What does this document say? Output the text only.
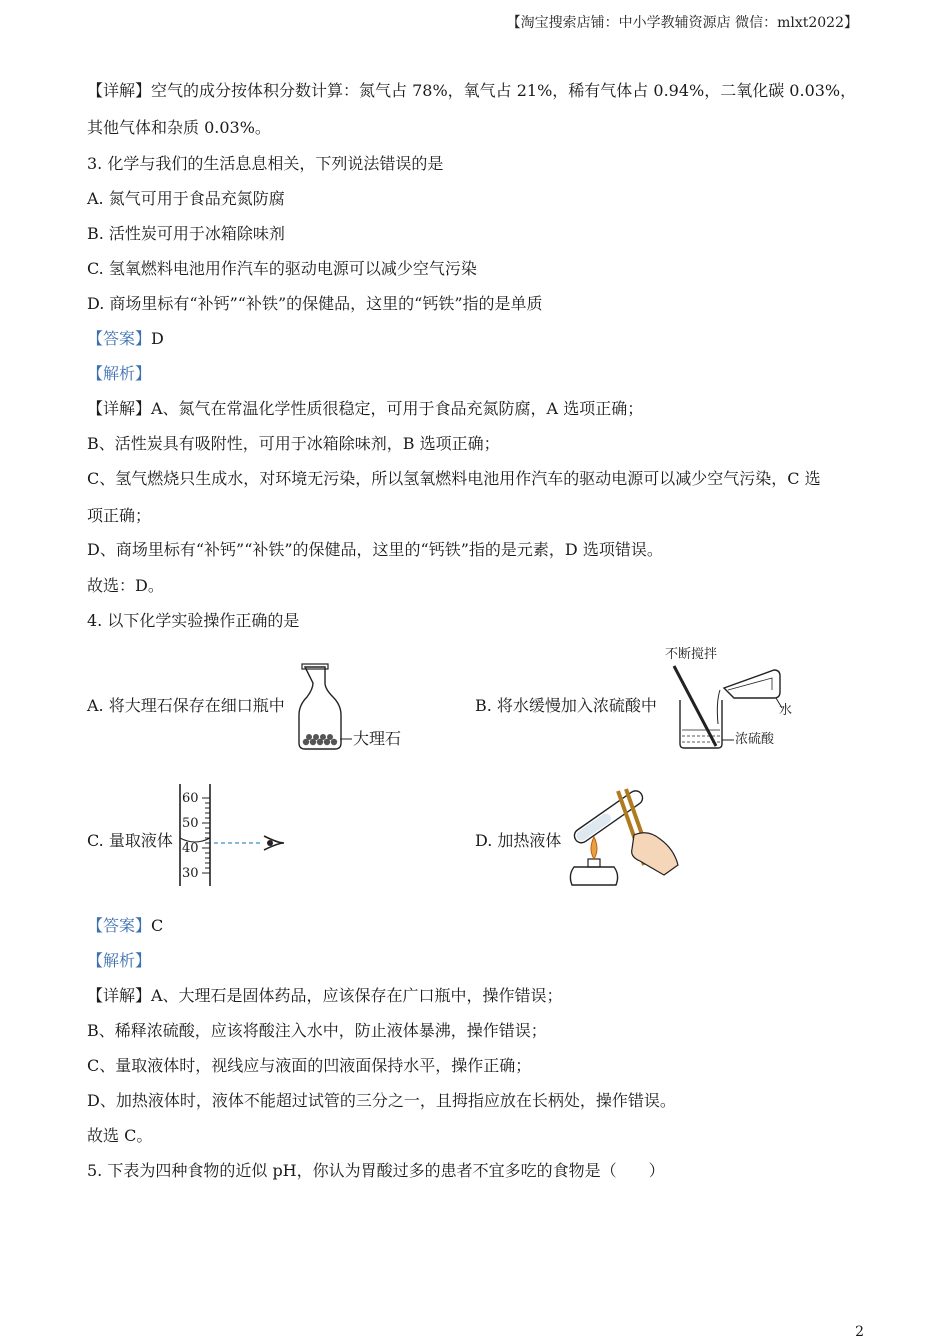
【淘宝搜索店铺：中小学教辅资源店 微信：mlxt2022】
【详解】空气的成分按体积分数计算：氮气占 78%，氧气占 21%，稀有气体占 0.94%，二氧化碳 0.03%，
其他气体和杂质 0.03%。
3. 化学与我们的生活息息相关，下列说法错误的是
A. 氮气可用于食品充氮防腐
B. 活性炭可用于冰箱除味剂
C. 氢氧燃料电池用作汽车的驱动电源可以减少空气污染
D. 商场里标有“补钙”“补铁”的保健品，这里的“钙铁”指的是单质
【答案】D
【解析】
【详解】A、氮气在常温化学性质很稳定，可用于食品充氮防腐，A 选项正确；
B、活性炭具有吸附性，可用于冰箱除味剂，B 选项正确；
C、氢气燃烧只生成水，对环境无污染，所以氢氧燃料电池用作汽车的驱动电源可以减少空气污染，C 选
项正确；
D、商场里标有“补钙”“补铁”的保健品，这里的“钙铁”指的是元素，D 选项错误。
故选：D。
4. 以下化学实验操作正确的是
A. 将大理石保存在细口瓶中
大理石
B. 将水缓慢加入浓硫酸中
不断搅拌
水
浓硫酸
C. 量取液体
60
50
40
30
D. 加热液体
【答案】C
【解析】
【详解】A、大理石是固体药品，应该保存在广口瓶中，操作错误；
B、稀释浓硫酸，应该将酸注入水中，防止液体暴沸，操作错误；
C、量取液体时，视线应与液面的凹液面保持水平，操作正确；
D、加热液体时，液体不能超过试管的三分之一，且拇指应放在长柄处，操作错误。
故选 C。
5. 下表为四种食物的近似 pH，你认为胃酸过多的患者不宜多吃的食物是（　　）
2
